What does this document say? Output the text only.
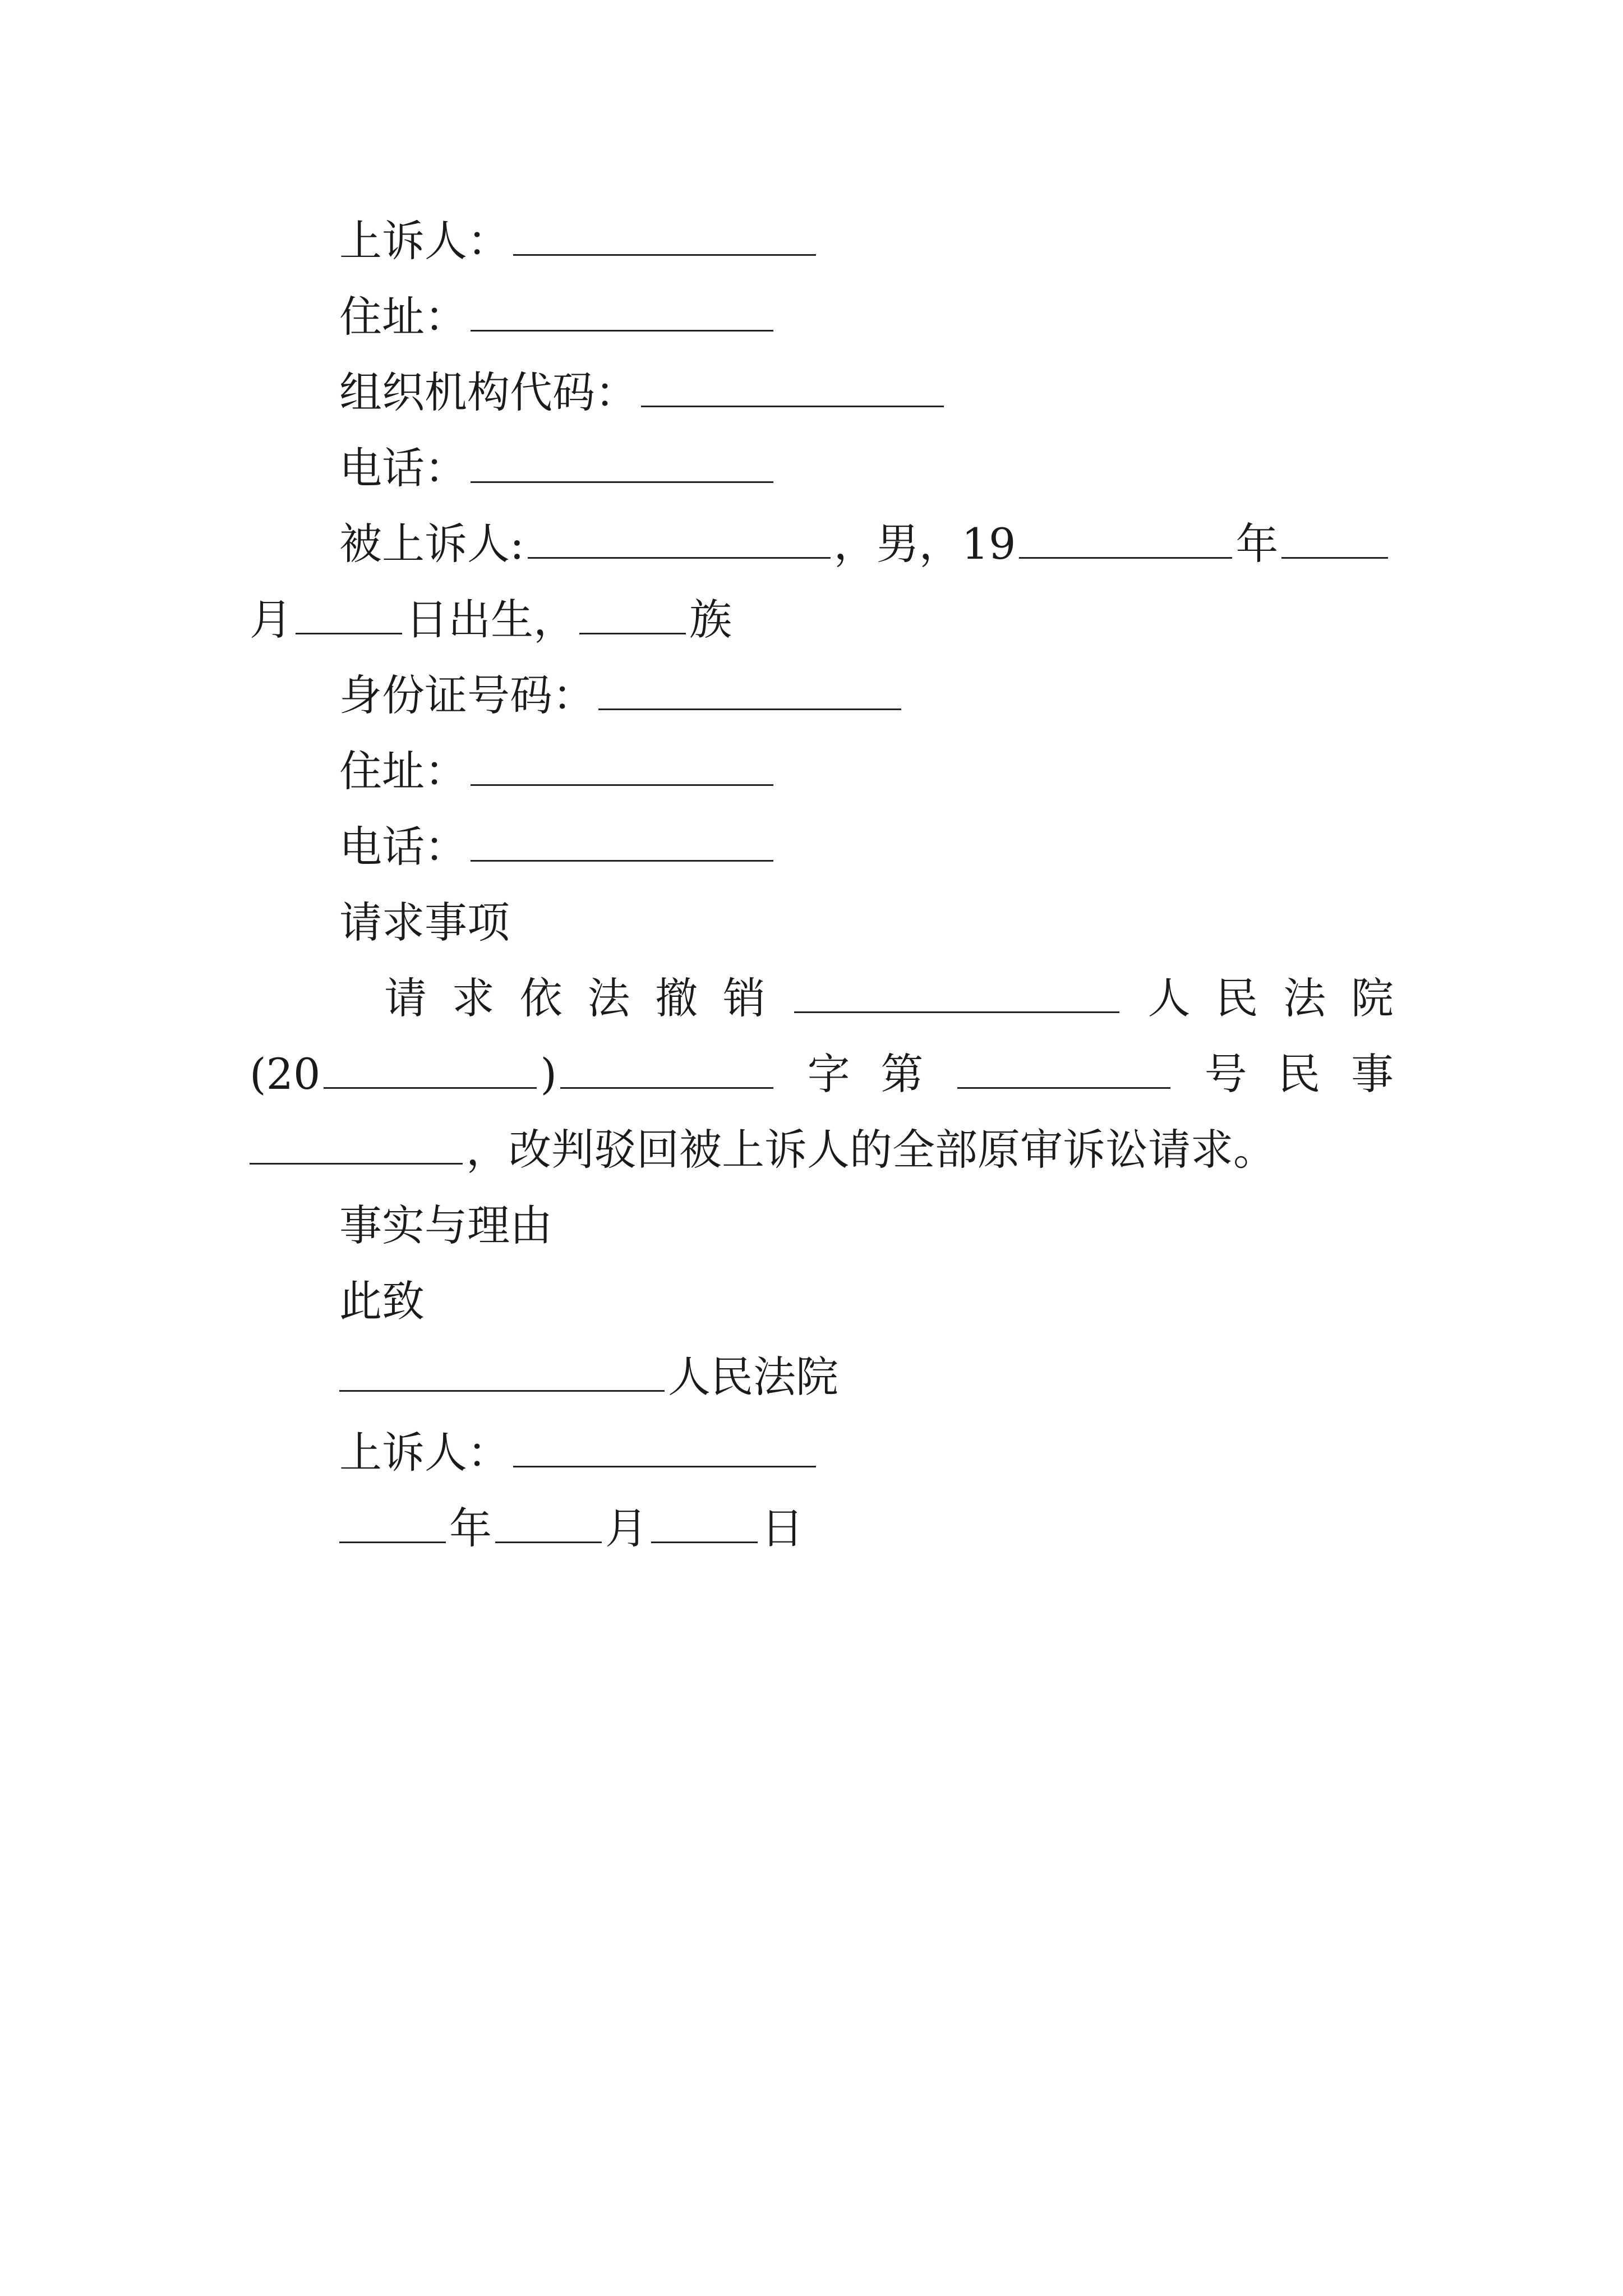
上诉人：
住址：
组织机构代码：
电话：
被上诉人:	，男，19	年
月	日出生，	族
身份证号码：
住址：
电话：
请求事项
请 求 依 法 撤 销	人 民 法 院
(20	)	字 第	号 民 事
，改判驳回被上诉人的全部原审诉讼请求。
事实与理由
此致
人民法院
上诉人：
年	月	日
